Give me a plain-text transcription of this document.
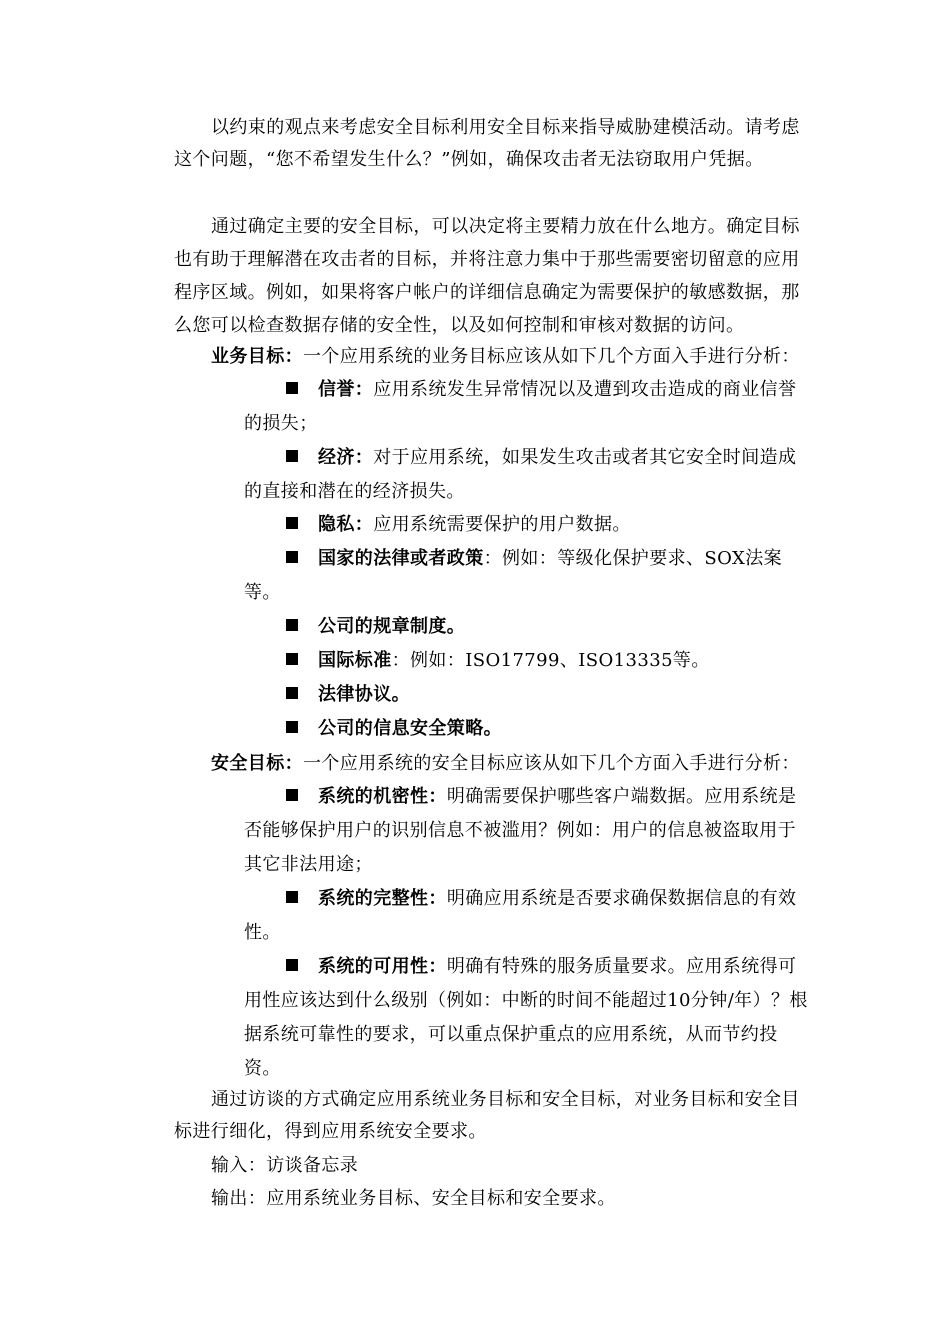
以约束的观点来考虑安全目标利用安全目标来指导威胁建模活动。请考虑这个问题，“您不希望发生什么？”例如，确保攻击者无法窃取用户凭据。
通过确定主要的安全目标，可以决定将主要精力放在什么地方。确定目标也有助于理解潜在攻击者的目标，并将注意力集中于那些需要密切留意的应用程序区域。例如，如果将客户帐户的详细信息确定为需要保护的敏感数据，那么您可以检查数据存储的安全性，以及如何控制和审核对数据的访问。
业务目标：一个应用系统的业务目标应该从如下几个方面入手进行分析：
信誉：应用系统发生异常情况以及遭到攻击造成的商业信誉的损失；
经济：对于应用系统，如果发生攻击或者其它安全时间造成的直接和潜在的经济损失。
隐私：应用系统需要保护的用户数据。
国家的法律或者政策：例如：等级化保护要求、SOX法案等。
公司的规章制度。
国际标准：例如：ISO17799、ISO13335等。
法律协议。
公司的信息安全策略。
安全目标：一个应用系统的安全目标应该从如下几个方面入手进行分析：
系统的机密性：明确需要保护哪些客户端数据。应用系统是否能够保护用户的识别信息不被滥用？例如：用户的信息被盗取用于其它非法用途；
系统的完整性：明确应用系统是否要求确保数据信息的有效性。
系统的可用性：明确有特殊的服务质量要求。应用系统得可用性应该达到什么级别（例如：中断的时间不能超过10分钟/年）？根据系统可靠性的要求，可以重点保护重点的应用系统，从而节约投资。
通过访谈的方式确定应用系统业务目标和安全目标，对业务目标和安全目标进行细化，得到应用系统安全要求。
输入：访谈备忘录
输出：应用系统业务目标、安全目标和安全要求。
